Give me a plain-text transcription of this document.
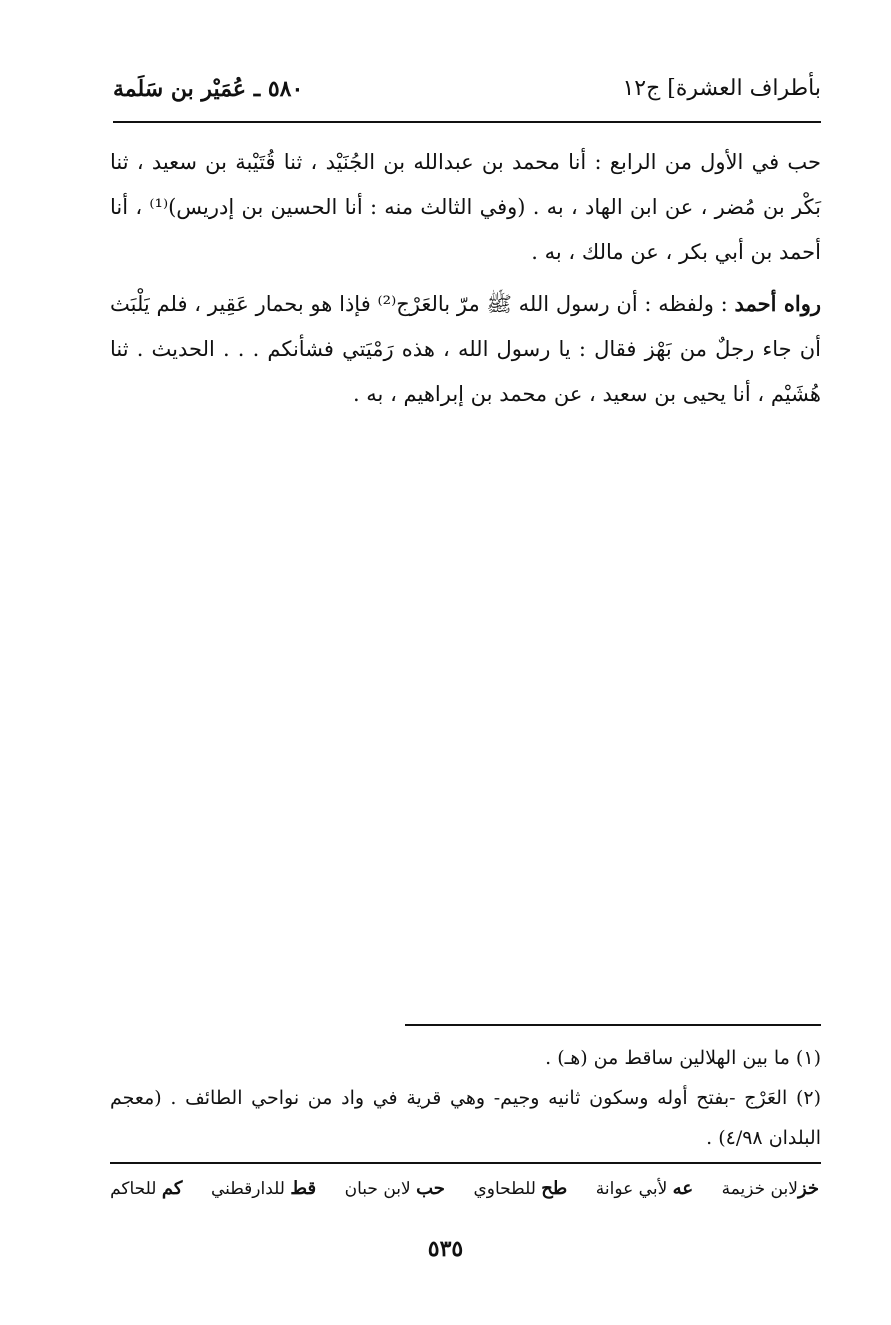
بأطراف العشرة] ج١٢
٥٨٠ ـ عُمَيْر بن سَلَمة

حب في الأول من الرابع : أنا محمد بن عبدالله بن الجُنَيْد ، ثنا قُتَيْبة بن سعيد ، ثنا بَكْر بن مُضر ، عن ابن الهاد ، به . (وفي الثالث منه : أنا الحسين بن إدريس)⁽¹⁾ ، أنا أحمد بن أبي بكر ، عن مالك ، به .

رواه أحمد : ولفظه : أن رسول الله ﷺ مرّ بالعَرْج⁽²⁾ فإذا هو بحمار عَقِير ، فلم يَلْبَث أن جاء رجلٌ من بَهْز فقال : يا رسول الله ، هذه رَمْيَتي فشأنكم . . . الحديث . ثنا هُشَيْم ، أنا يحيى بن سعيد ، عن محمد بن إبراهيم ، به .

(١) ما بين الهلالين ساقط من (هـ) .

(٢) العَرْج -بفتح أوله وسكون ثانيه وجيم- وهي قرية في واد من نواحي الطائف . (معجم البلدان ٤/٩٨) .

خزلابن خزيمة
عه لأبي عوانة
طح للطحاوي
حب لابن حبان
قط للدارقطني
كم للحاكم
٥٣٥
